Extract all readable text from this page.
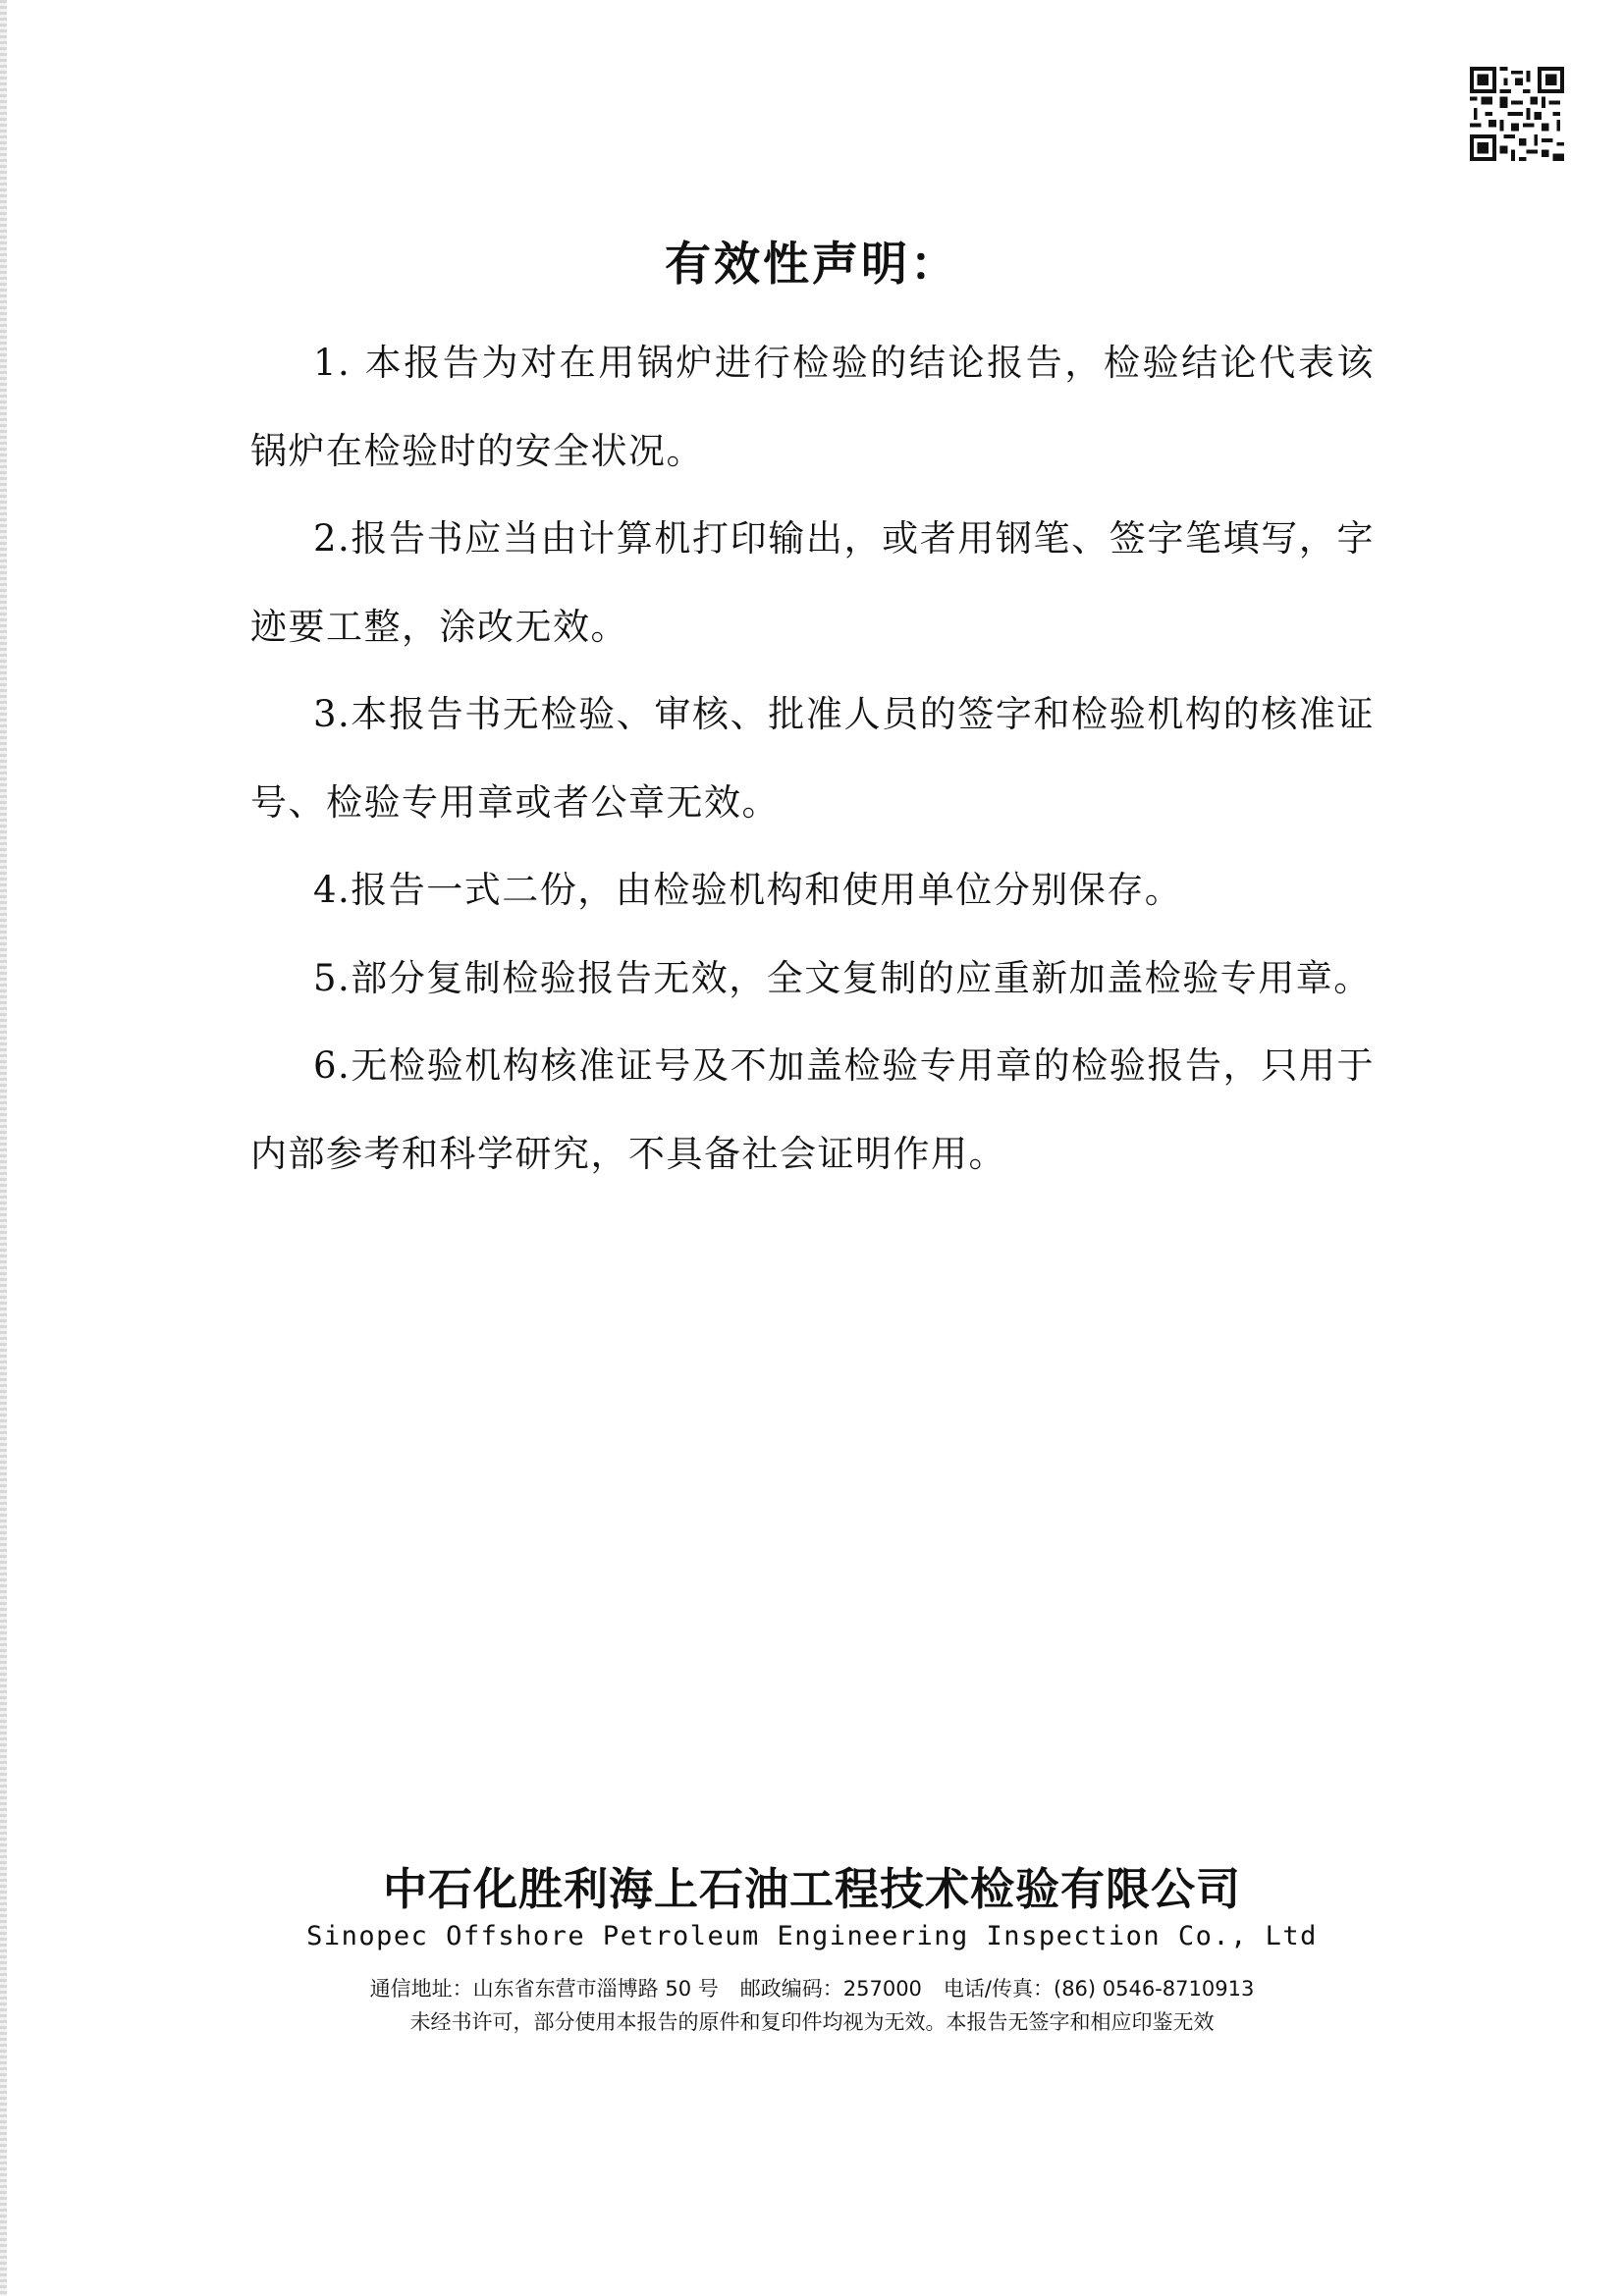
有效性声明：

1. 本报告为对在用锅炉进行检验的结论报告，检验结论代表该锅炉在检验时的安全状况。

2.报告书应当由计算机打印输出，或者用钢笔、签字笔填写，字迹要工整，涂改无效。

3.本报告书无检验、审核、批准人员的签字和检验机构的核准证号、检验专用章或者公章无效。

4.报告一式二份，由检验机构和使用单位分别保存。

5.部分复制检验报告无效，全文复制的应重新加盖检验专用章。

6.无检验机构核准证号及不加盖检验专用章的检验报告，只用于内部参考和科学研究，不具备社会证明作用。

中石化胜利海上石油工程技术检验有限公司
Sinopec Offshore Petroleum Engineering Inspection Co., Ltd
通信地址：山东省东营市淄博路 50 号 邮政编码：257000 电话/传真：(86) 0546-8710913
未经书许可，部分使用本报告的原件和复印件均视为无效。本报告无签字和相应印鉴无效
